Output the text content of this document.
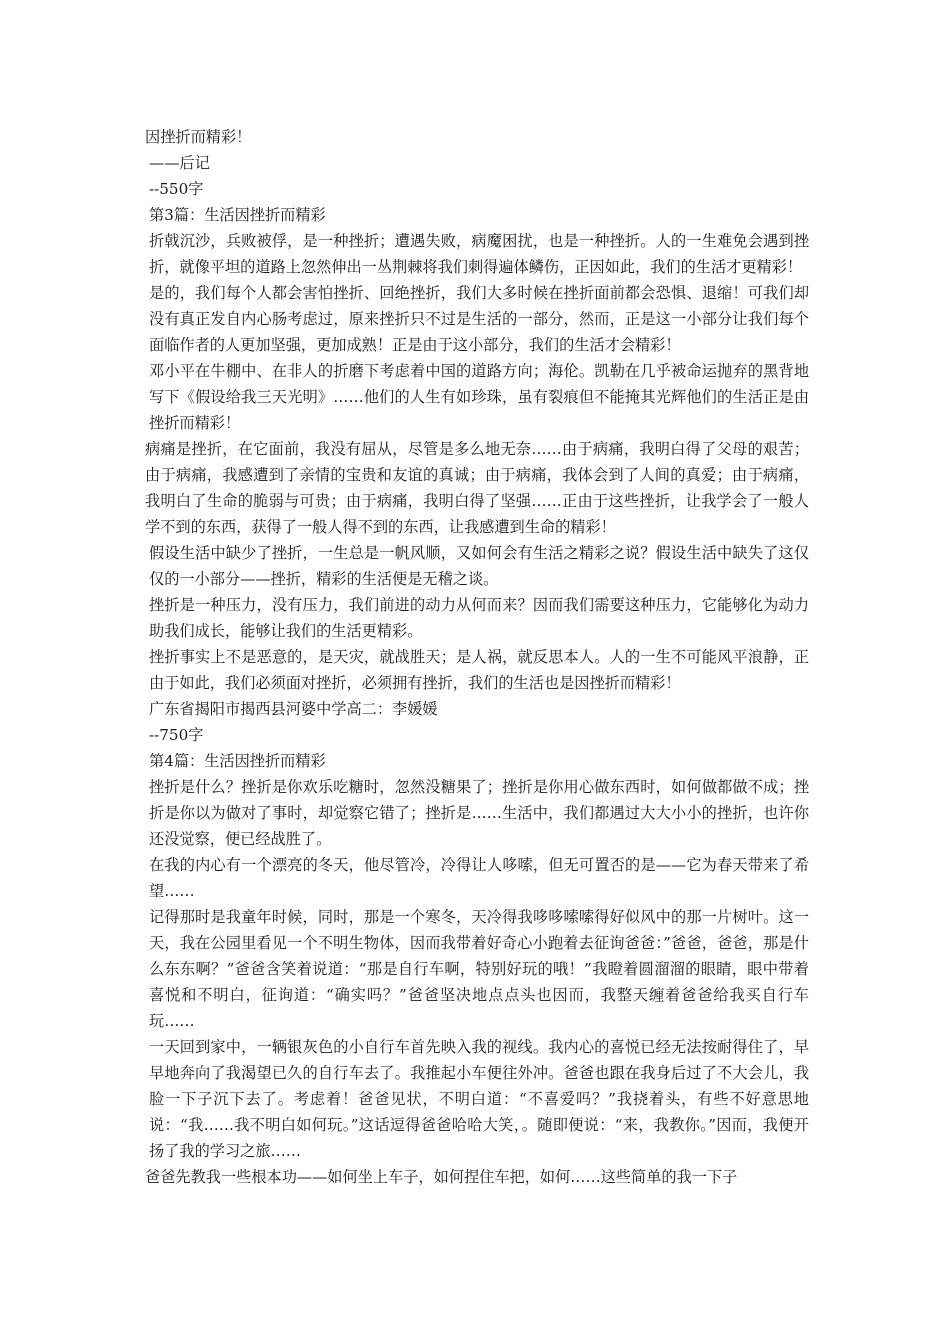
因挫折而精彩！

——后记

--550字

第3篇：生活因挫折而精彩

折戟沉沙，兵败被俘，是一种挫折；遭遇失败，病魔困扰，也是一种挫折。人的一生难免会遇到挫折，就像平坦的道路上忽然伸出一丛荆棘将我们刺得遍体鳞伤，正因如此，我们的生活才更精彩！

是的，我们每个人都会害怕挫折、回绝挫折，我们大多时候在挫折面前都会恐惧、退缩！可我们却没有真正发自内心肠考虑过，原来挫折只不过是生活的一部分，然而，正是这一小部分让我们每个面临作者的人更加坚强，更加成熟！正是由于这小部分，我们的生活才会精彩！

邓小平在牛棚中、在非人的折磨下考虑着中国的道路方向；海伦。凯勒在几乎被命运抛弃的黑背地写下《假设给我三天光明》……他们的人生有如珍珠，虽有裂痕但不能掩其光辉他们的生活正是由挫折而精彩！

病痛是挫折，在它面前，我没有屈从，尽管是多么地无奈……由于病痛，我明白得了父母的艰苦；由于病痛，我感遭到了亲情的宝贵和友谊的真诚；由于病痛，我体会到了人间的真爱；由于病痛，我明白了生命的脆弱与可贵；由于病痛，我明白得了坚强……正由于这些挫折，让我学会了一般人学不到的东西，获得了一般人得不到的东西，让我感遭到生命的精彩！

假设生活中缺少了挫折，一生总是一帆风顺，又如何会有生活之精彩之说？假设生活中缺失了这仅仅的一小部分——挫折，精彩的生活便是无稽之谈。

挫折是一种压力，没有压力，我们前进的动力从何而来？因而我们需要这种压力，它能够化为动力助我们成长，能够让我们的生活更精彩。

挫折事实上不是恶意的，是天灾，就战胜天；是人祸，就反思本人。人的一生不可能风平浪静，正由于如此，我们必须面对挫折，必须拥有挫折，我们的生活也是因挫折而精彩！

广东省揭阳市揭西县河婆中学高二：李媛媛

--750字

第4篇：生活因挫折而精彩

挫折是什么？挫折是你欢乐吃糖时，忽然没糖果了；挫折是你用心做东西时，如何做都做不成；挫折是你以为做对了事时，却觉察它错了；挫折是……生活中，我们都遇过大大小小的挫折，也许你还没觉察，便已经战胜了。

在我的内心有一个漂亮的冬天，他尽管冷，冷得让人哆嗦，但无可置否的是——它为春天带来了希望……

记得那时是我童年时候，同时，那是一个寒冬，天冷得我哆哆嗦嗦得好似风中的那一片树叶。这一天，我在公园里看见一个不明生物体，因而我带着好奇心小跑着去征询爸爸：”爸爸，爸爸，那是什么东东啊？”爸爸含笑着说道：“那是自行车啊，特别好玩的哦！”我瞪着圆溜溜的眼睛，眼中带着喜悦和不明白，征询道：“确实吗？”爸爸坚决地点点头也因而，我整天缠着爸爸给我买自行车玩……

一天回到家中，一辆银灰色的小自行车首先映入我的视线。我内心的喜悦已经无法按耐得住了，早早地奔向了我渴望已久的自行车去了。我推起小车便往外冲。爸爸也跟在我身后过了不大会儿，我脸一下子沉下去了。考虑着！爸爸见状，不明白道：“不喜爱吗？”我挠着头，有些不好意思地说：“我……我不明白如何玩。”这话逗得爸爸哈哈大笑，。随即便说：“来，我教你。”因而，我便开扬了我的学习之旅……

爸爸先教我一些根本功——如何坐上车子，如何捏住车把，如何……这些简单的我一下子
